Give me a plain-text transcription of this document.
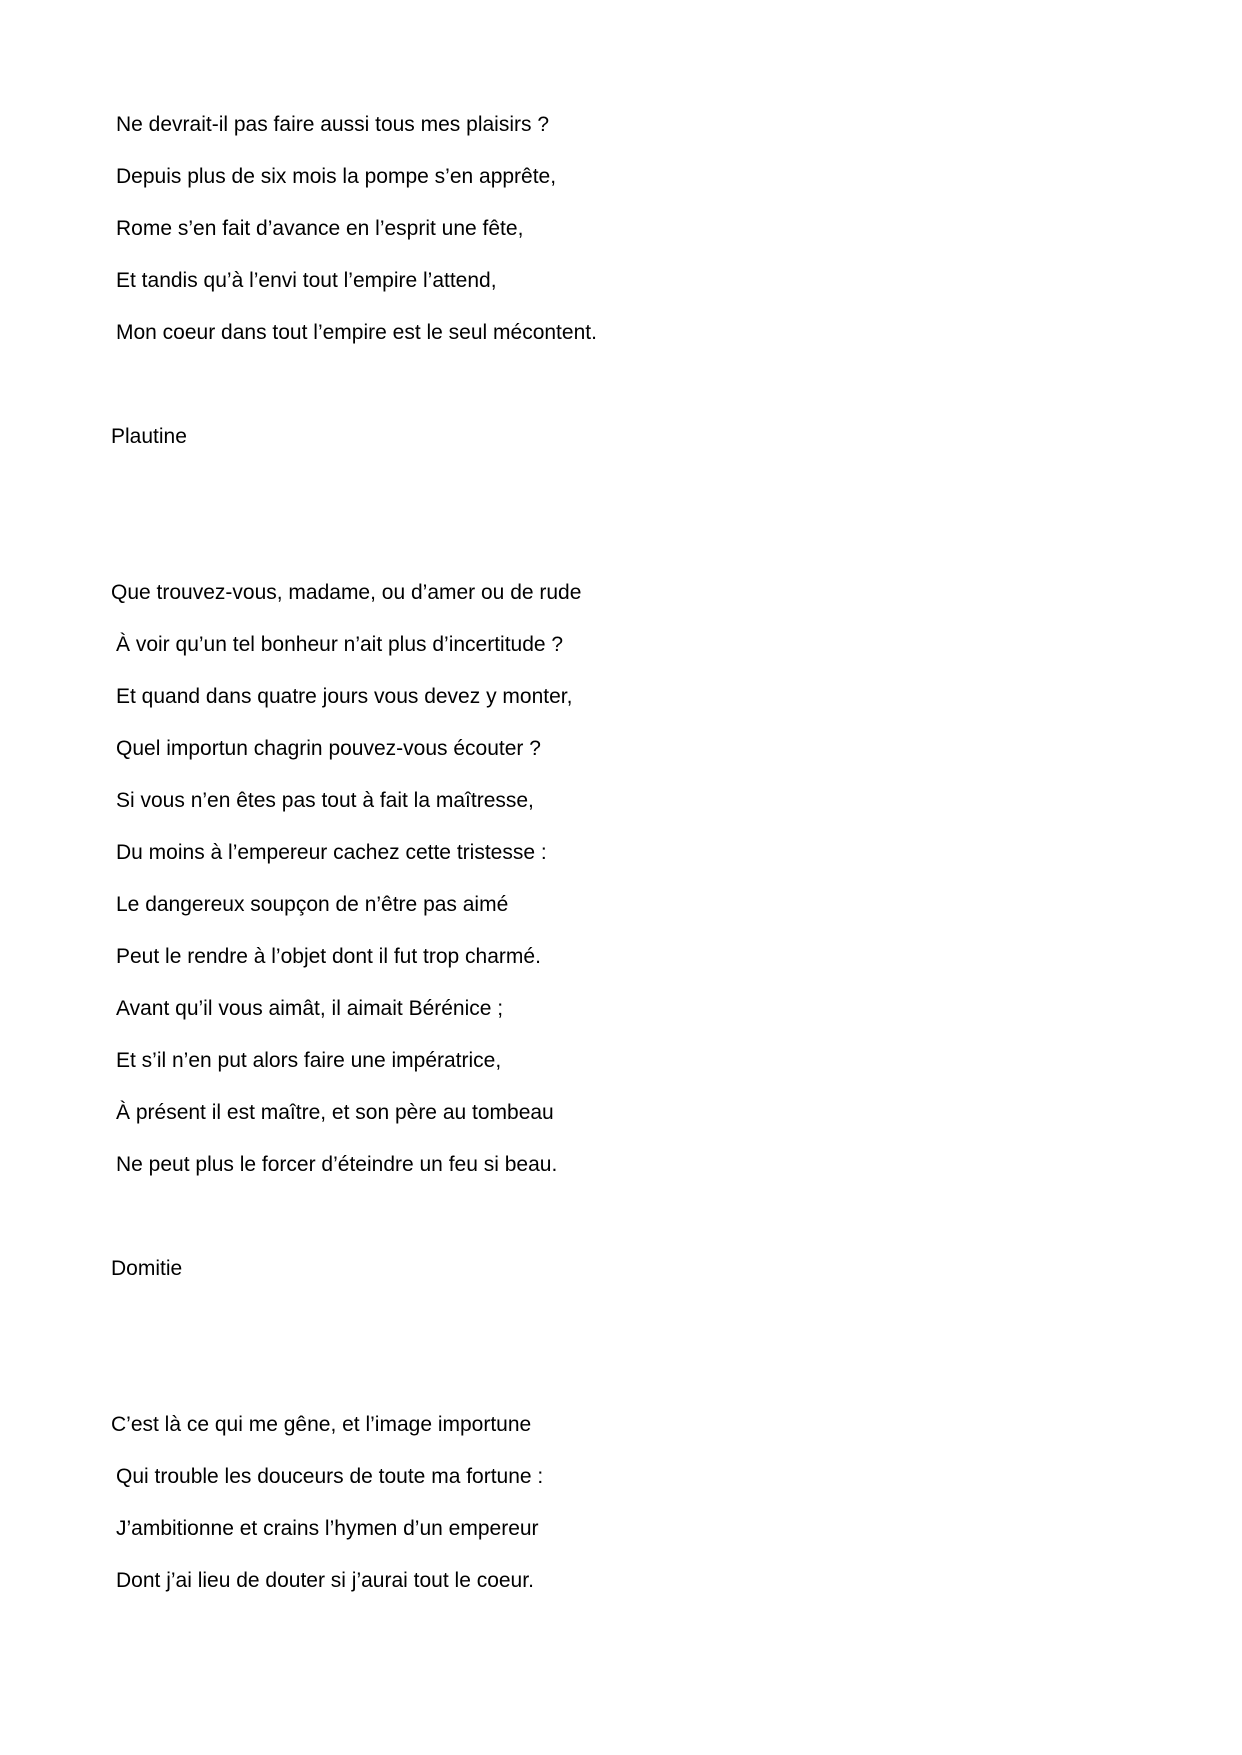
Ne devrait-il pas faire aussi tous mes plaisirs ?
Depuis plus de six mois la pompe s’en apprête,
Rome s’en fait d’avance en l’esprit une fête,
Et tandis qu’à l’envi tout l’empire l’attend,
Mon coeur dans tout l’empire est le seul mécontent.
Plautine
Que trouvez-vous, madame, ou d’amer ou de rude
À voir qu’un tel bonheur n’ait plus d’incertitude ?
Et quand dans quatre jours vous devez y monter,
Quel importun chagrin pouvez-vous écouter ?
Si vous n’en êtes pas tout à fait la maîtresse,
Du moins à l’empereur cachez cette tristesse :
Le dangereux soupçon de n’être pas aimé
Peut le rendre à l’objet dont il fut trop charmé.
Avant qu’il vous aimât, il aimait Bérénice ;
Et s’il n’en put alors faire une impératrice,
À présent il est maître, et son père au tombeau
Ne peut plus le forcer d’éteindre un feu si beau.
Domitie
C’est là ce qui me gêne, et l’image importune
Qui trouble les douceurs de toute ma fortune :
J’ambitionne et crains l’hymen d’un empereur
Dont j’ai lieu de douter si j’aurai tout le coeur.
